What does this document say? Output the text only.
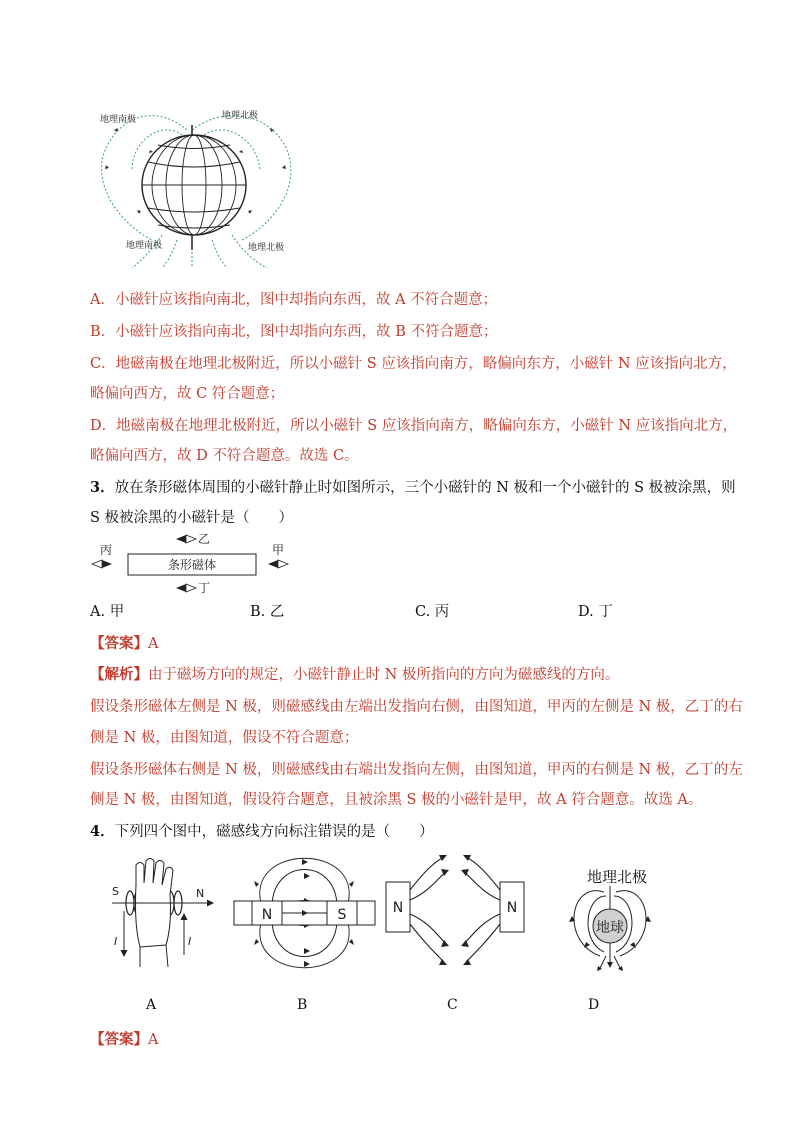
地理南极	地理北极
地理南极	地理北极
A．小磁针应该指向南北，图中却指向东西，故 A 不符合题意；
B．小磁针应该指向南北，图中却指向东西，故 B 不符合题意；
C．地磁南极在地理北极附近，所以小磁针 S 应该指向南方，略偏向东方，小磁针 N 应该指向北方，
略偏向西方，故 C 符合题意；
D．地磁南极在地理北极附近，所以小磁针 S 应该指向南方，略偏向东方，小磁针 N 应该指向北方，
略偏向西方，故 D 不符合题意。故选 C。
3．放在条形磁体周围的小磁针静止时如图所示，三个小磁针的 N 极和一个小磁针的 S 极被涂黑，则
S 极被涂黑的小磁针是（　　）
条形磁体
丙	甲
乙
丁
A. 甲	B. 乙	C. 丙	D. 丁
【答案】A
【解析】由于磁场方向的规定，小磁针静止时 N 极所指向的方向为磁感线的方向。
假设条形磁体左侧是 N 极，则磁感线由左端出发指向右侧，由图知道，甲丙的左侧是 N 极，乙丁的右
侧是 N 极，由图知道，假设不符合题意；
假设条形磁体右侧是 N 极，则磁感线由右端出发指向左侧，由图知道，甲丙的右侧是 N 极，乙丁的左
侧是 N 极，由图知道，假设符合题意，且被涂黑 S 极的小磁针是甲，故 A 符合题意。故选 A。
4．下列四个图中，磁感线方向标注错误的是（　　）
S	N
I	I
A
N	S
B
N	N
C
地理北极
地球
D
【答案】A
